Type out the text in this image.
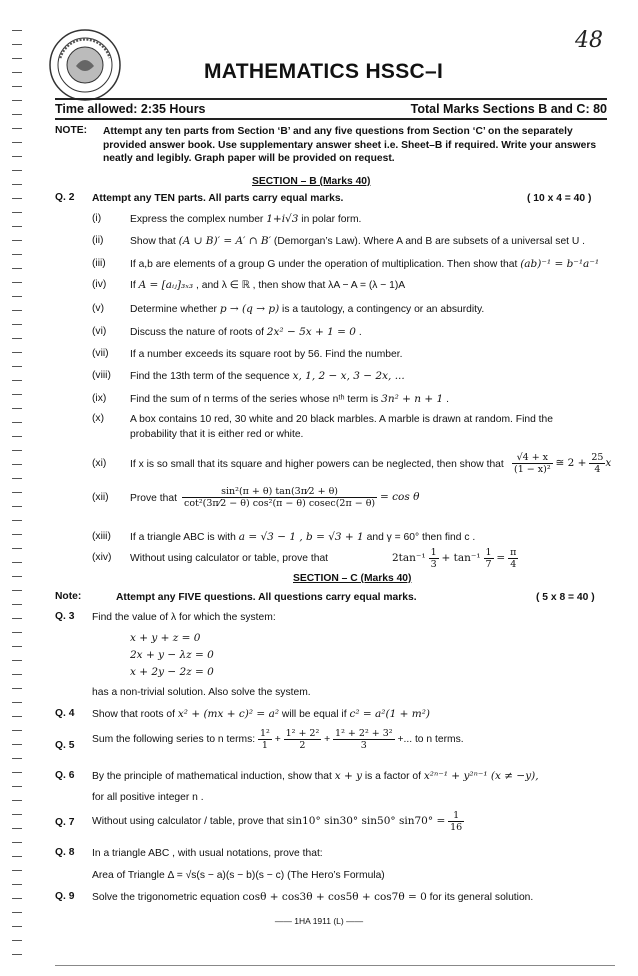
48
MATHEMATICS HSSC–I
Time allowed: 2:35 Hours	Total Marks Sections B and C: 80
NOTE: Attempt any ten parts from Section ‘B’ and any five questions from Section ‘C’ on the separately provided answer book. Use supplementary answer sheet i.e. Sheet–B if required. Write your answers neatly and legibly. Graph paper will be provided on request.
SECTION – B (Marks 40)
Q. 2 Attempt any TEN parts. All parts carry equal marks.	( 10 x 4 = 40 )
(i)	Express the complex number 1+i√3 in polar form.
(ii)	Show that (A ∪ B)′ = A′ ∩ B′ (Demorgan’s Law). Where A and B are subsets of a universal set U .
(iii) If a,b are elements of a group G under the operation of multiplication. Then show that (ab)⁻¹ = b⁻¹a⁻¹
(iv) If A = [aᵢⱼ]₃ₓ₃ , and λ ∈ ℝ , then show that λA − A = (λ − 1)A
(v)	Determine whether p → (q → p) is a tautology, a contingency or an absurdity.
(vi) Discuss the nature of roots of 2x² − 5x + 1 = 0 .
(vii) If a number exceeds its square root by 56. Find the number.
(viii) Find the 13th term of the sequence x, 1, 2 − x, 3 − 2x, ...
(ix) Find the sum of n terms of the series whose nᵗʰ term is 3n² + n + 1 .
(x)	A box contains 10 red, 30 white and 20 black marbles. A marble is drawn at random. Find the
probability that it is either red or white.
(xi) If x is so small that its square and higher powers can be neglected, then show that
(xii) Prove that
(xiii) If a triangle ABC is with a = √3 − 1 , b = √3 + 1 and γ = 60° then find c .
(xiv) Without using calculator or table, prove that
$\frac{√4 + x}{\text{(1 − x)²}}$ ≅ $2 + \frac{25}{4}$ x
$\frac{\text{sin²(π + θ) tan(3π⁄2 + θ)}}{\text{cot²(3π⁄2 − θ) cos²(π − θ) cosec(2π − θ)}} = \cos \theta$
$2\tan^{-1} \frac{1}{3} + \tan^{-1} \frac{1}{7} = \frac{\pi}{4}$
SECTION – C (Marks 40)
Note:	Attempt any FIVE questions. All questions carry equal marks.	( 5 x 8 = 40 )
Q. 3 Find the value of λ for which the system:
x + y + z = 0
2x + y − λz = 0
x + 2y − 2z = 0
has a non-trivial solution. Also solve the system.
Q. 4 Show that roots of x² + (mx + c)² = a² will be equal if c² = a²(1 + m²)
Q. 5
Sum the following series to n terms: $\frac{\text{1²}}{1} + \frac{\text{1² + 2²}}{2} + \frac{\text{1² + 2² + 3²}}{3}$ +... to n terms.
Q. 6 By the principle of mathematical induction, show that x + y is a factor of x²ⁿ⁻¹ + y²ⁿ⁻¹ (x ≠ −y),
for all positive integer n .
Q. 7 Without using calculator / table, prove that sin10° sin30° sin50° $\sin 70^\circ = \frac{1}{16}$
Q. 8 In a triangle ABC , with usual notations, prove that:
Area of Triangle Δ = √s(s − a)(s − b)(s − c) (The Hero’s Formula)
Q. 9 Solve the trigonometric equation cosθ + cos3θ + cos5θ + cos7θ = 0 for its general solution.
—— 1HA 1911 (L) ——
